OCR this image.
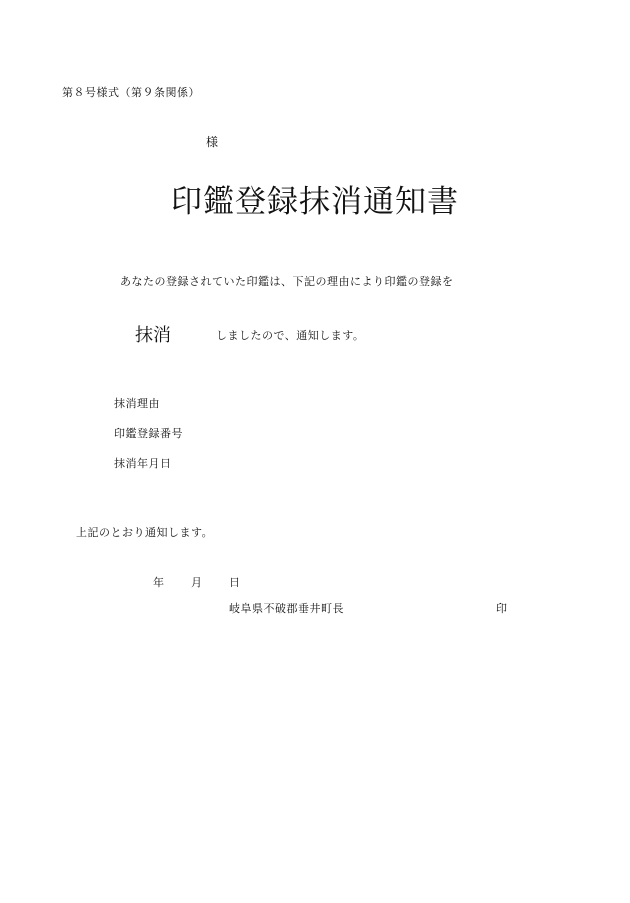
第８号様式（第９条関係）
様
印鑑登録抹消通知書
あなたの登録されていた印鑑は、下記の理由により印鑑の登録を
抹消	しましたので、通知します。
抹消理由
印鑑登録番号
抹消年月日
上記のとおり通知します。
年 月 日
岐阜県不破郡垂井町長	印
